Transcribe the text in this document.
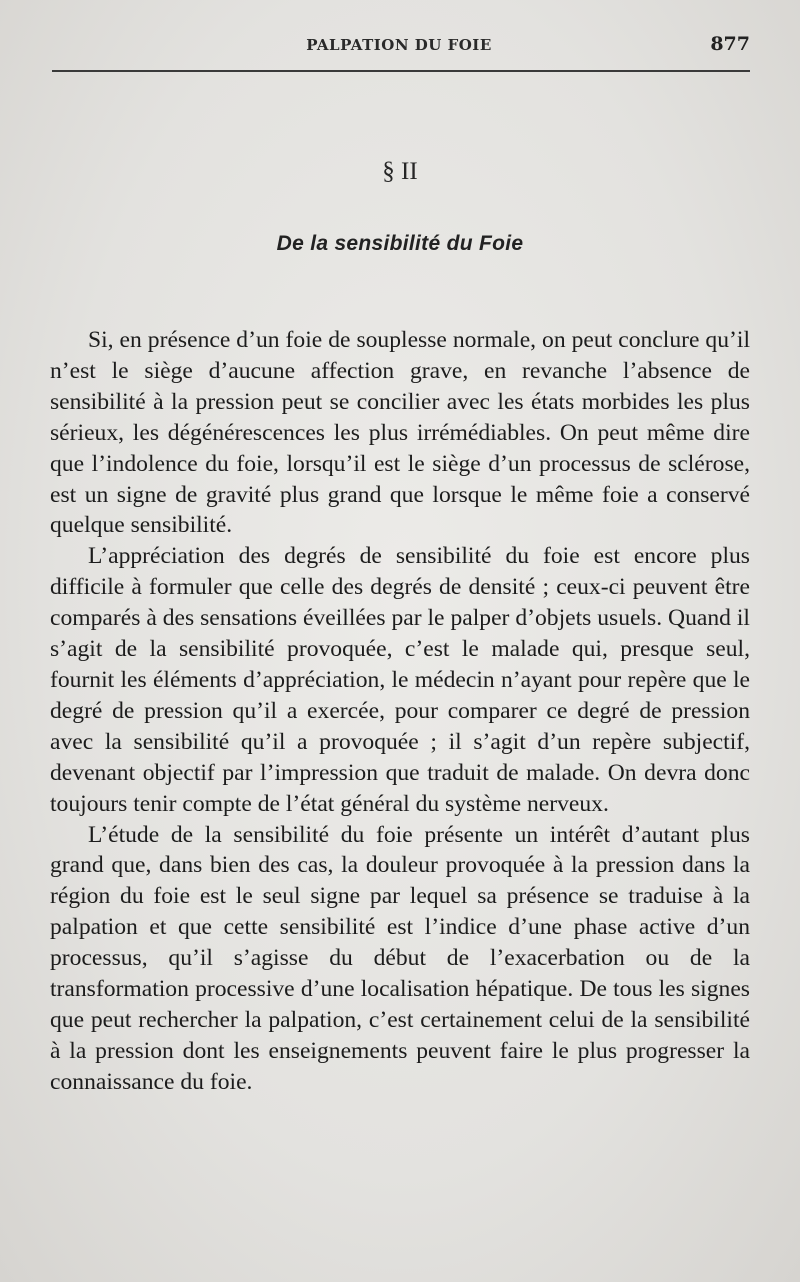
PALPATION DU FOIE	877
§ II
De la sensibilité du Foie

Si, en présence d’un foie de souplesse normale, on peut conclure qu’il n’est le siège d’aucune affection grave, en revanche l’absence de sensibilité à la pression peut se concilier avec les états morbides les plus sérieux, les dégénérescences les plus irrémédiables. On peut même dire que l’indolence du foie, lorsqu’il est le siège d’un processus de sclérose, est un signe de gravité plus grand que lorsque le même foie a conservé quelque sensibilité.

L’appréciation des degrés de sensibilité du foie est encore plus difficile à formuler que celle des degrés de densité ; ceux-ci peuvent être comparés à des sensations éveillées par le palper d’objets usuels. Quand il s’agit de la sensibilité provoquée, c’est le malade qui, presque seul, fournit les éléments d’appréciation, le médecin n’ayant pour repère que le degré de pression qu’il a exercée, pour comparer ce degré de pression avec la sensibilité qu’il a provoquée ; il s’agit d’un repère subjectif, devenant objectif par l’impression que traduit de malade. On devra donc toujours tenir compte de l’état général du système nerveux.

L’étude de la sensibilité du foie présente un intérêt d’autant plus grand que, dans bien des cas, la douleur provoquée à la pression dans la région du foie est le seul signe par lequel sa présence se traduise à la palpation et que cette sensibilité est l’indice d’une phase active d’un processus, qu’il s’agisse du début de l’exacerbation ou de la transformation processive d’une localisation hépatique. De tous les signes que peut rechercher la palpation, c’est certainement celui de la sensibilité à la pression dont les enseignements peuvent faire le plus progresser la connaissance du foie.
